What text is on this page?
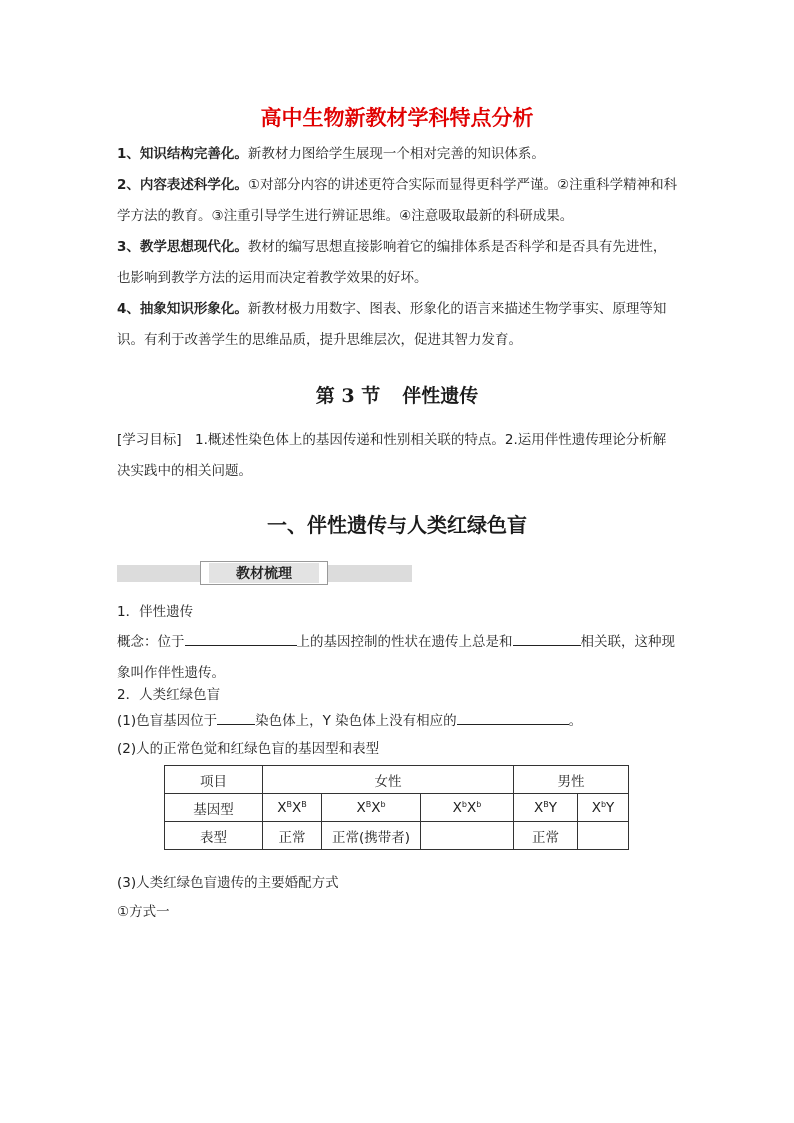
高中生物新教材学科特点分析
1、知识结构完善化。新教材力图给学生展现一个相对完善的知识体系。
2、内容表述科学化。①对部分内容的讲述更符合实际而显得更科学严谨。②注重科学精神和科学方法的教育。③注重引导学生进行辨证思维。④注意吸取最新的科研成果。
3、教学思想现代化。教材的编写思想直接影响着它的编排体系是否科学和是否具有先进性，也影响到教学方法的运用而决定着教学效果的好坏。
4、抽象知识形象化。新教材极力用数字、图表、形象化的语言来描述生物学事实、原理等知识。有利于改善学生的思维品质，提升思维层次，促进其智力发育。
第 3 节 伴性遗传
[学习目标]　1.概述性染色体上的基因传递和性别相关联的特点。2.运用伴性遗传理论分析解决实践中的相关问题。
一、伴性遗传与人类红绿色盲
教材梳理
1．伴性遗传
概念：位于	上的基因控制的性状在遗传上总是和	相关联，这种现象叫作伴性遗传。
2．人类红绿色盲
(1)色盲基因位于	染色体上，Y 染色体上没有相应的	。
(2)人的正常色觉和红绿色盲的基因型和表型
项目	女性			男性	
基因型	$X^BX^B$	$X^BX^b$	$X^bX^b$	$X^BY$	$X^bY$
表型	正常	正常(携带者)		正常	
(3)人类红绿色盲遗传的主要婚配方式
①方式一
